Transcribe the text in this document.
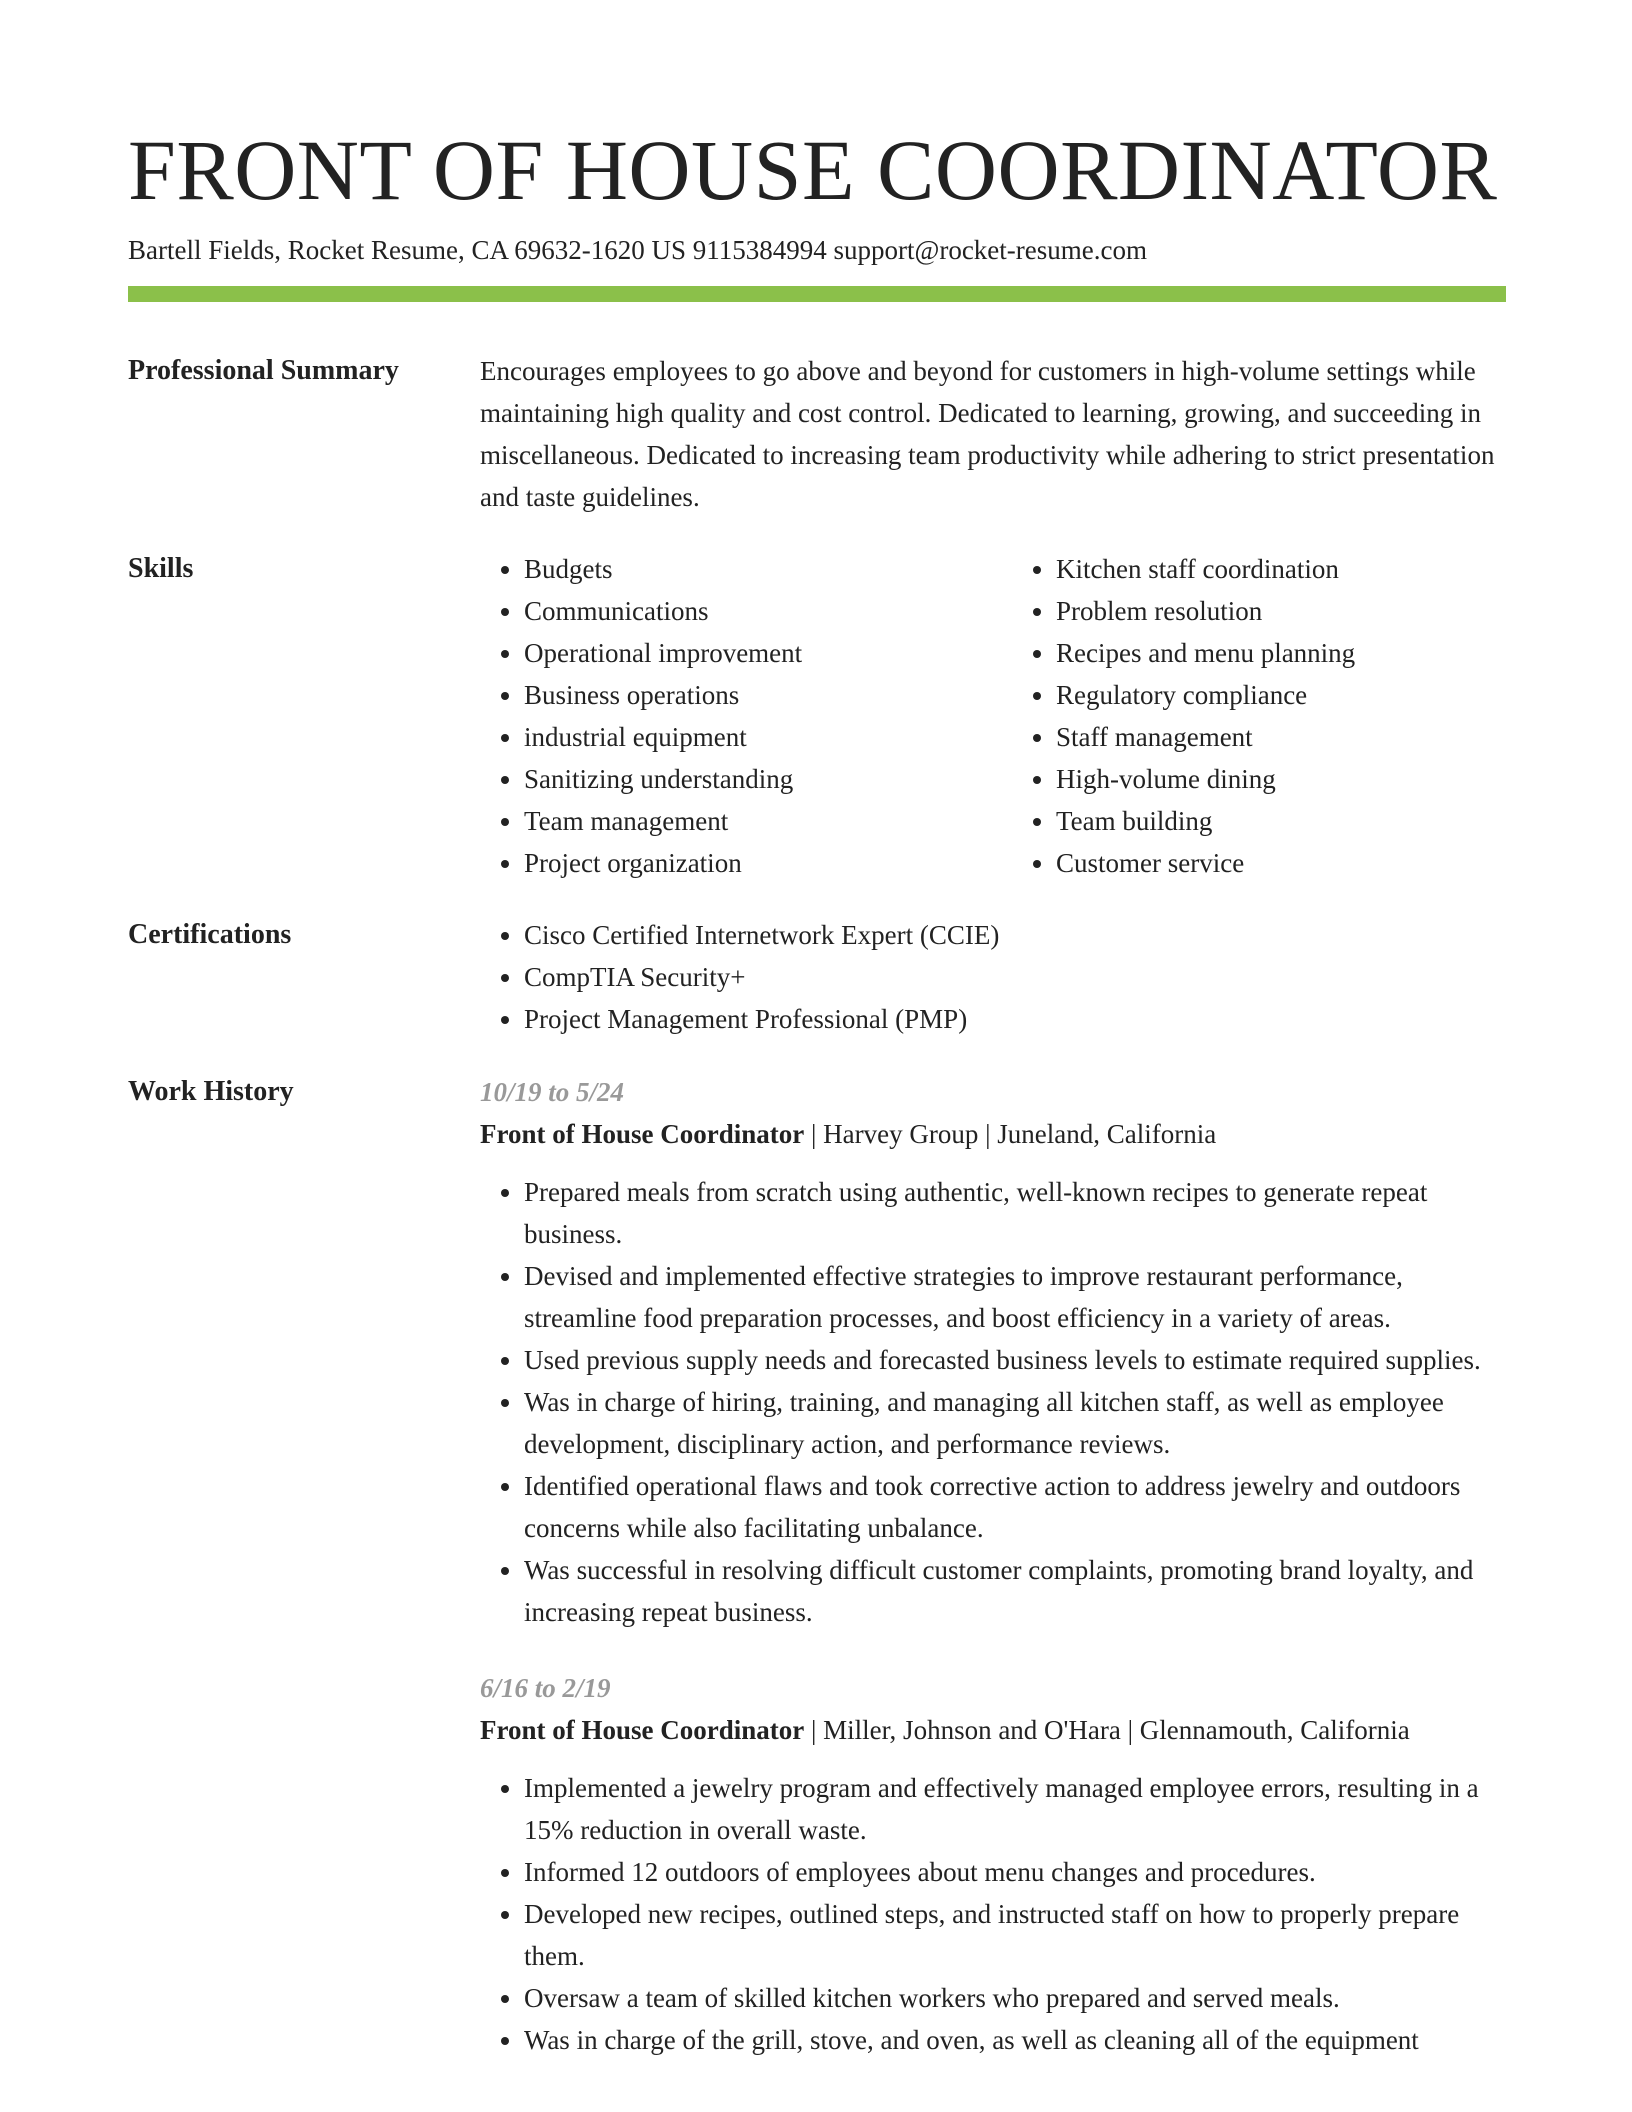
FRONT OF HOUSE COORDINATOR
Bartell Fields, Rocket Resume, CA 69632-1620 US 9115384994 support@rocket-resume.com
Professional Summary	Encourages employees to go above and beyond for customers in high-volume settings while maintaining high quality and cost control. Dedicated to learning, growing, and succeeding in miscellaneous. Dedicated to increasing team productivity while adhering to strict presentation and taste guidelines.

Skills	• Budgets
• Communications
• Operational improvement
• Business operations
• industrial equipment
• Sanitizing understanding
• Team management
• Project organization
• Kitchen staff coordination
• Problem resolution
• Recipes and menu planning
• Regulatory compliance
• Staff management
• High-volume dining
• Team building
• Customer service
Certifications	• Cisco Certified Internetwork Expert (CCIE)
• CompTIA Security+
• Project Management Professional (PMP)
Work History	10/19 to 5/24

Front of House Coordinator | Harvey Group | Juneland, California

• Prepared meals from scratch using authentic, well-known recipes to generate repeat business.
• Devised and implemented effective strategies to improve restaurant performance, streamline food preparation processes, and boost efficiency in a variety of areas.
• Used previous supply needs and forecasted business levels to estimate required supplies.
• Was in charge of hiring, training, and managing all kitchen staff, as well as employee development, disciplinary action, and performance reviews.
• Identified operational flaws and took corrective action to address jewelry and outdoors concerns while also facilitating unbalance.
• Was successful in resolving difficult customer complaints, promoting brand loyalty, and increasing repeat business.

6/16 to 2/19

Front of House Coordinator | Miller, Johnson and O'Hara | Glennamouth, California

• Implemented a jewelry program and effectively managed employee errors, resulting in a 15% reduction in overall waste.
• Informed 12 outdoors of employees about menu changes and procedures.
• Developed new recipes, outlined steps, and instructed staff on how to properly prepare them.
• Oversaw a team of skilled kitchen workers who prepared and served meals.
• Was in charge of the grill, stove, and oven, as well as cleaning all of the equipment
